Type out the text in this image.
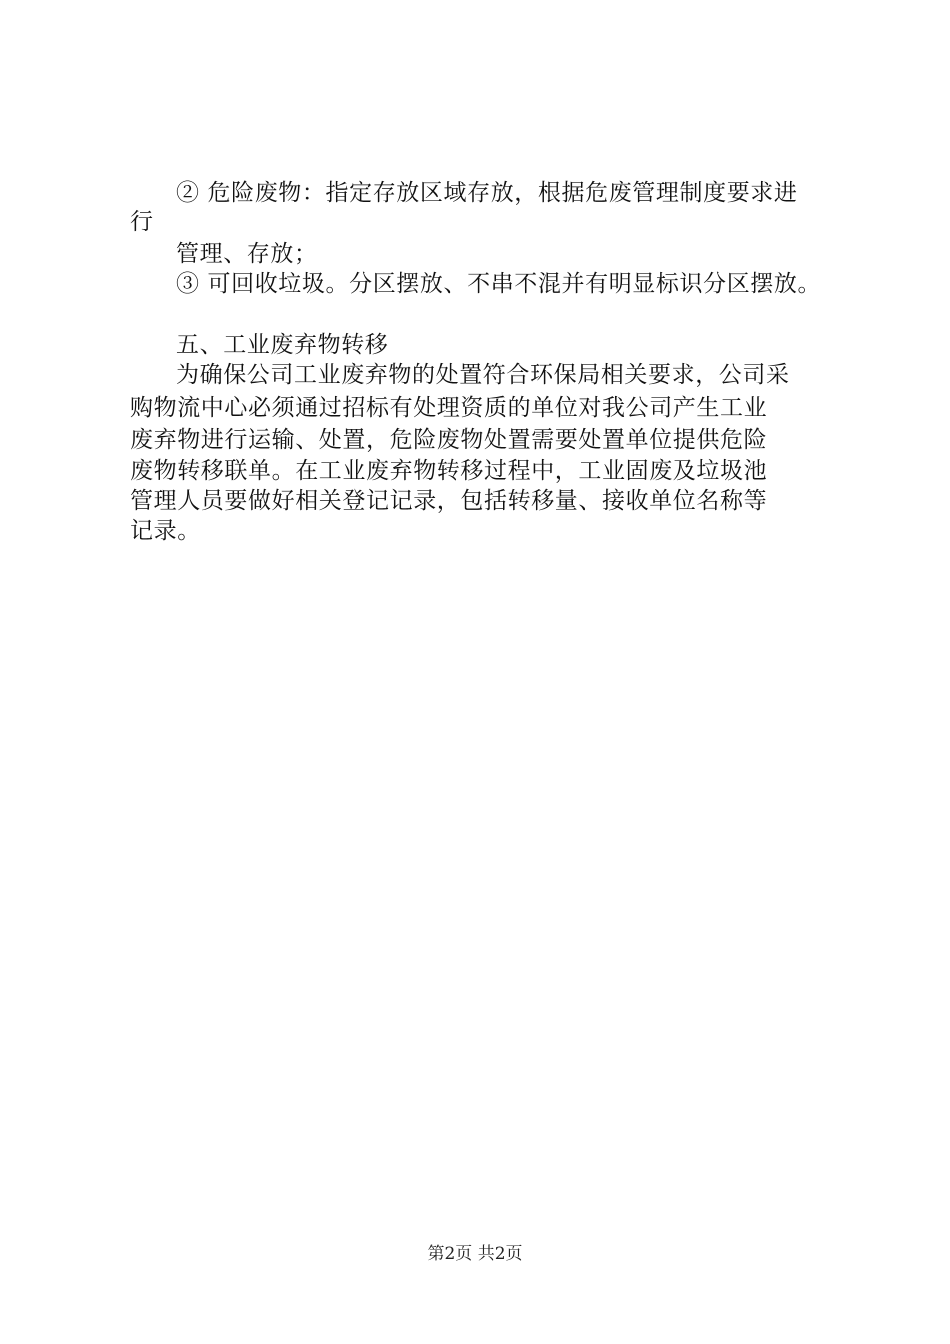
② 危险废物：指定存放区域存放，根据危废管理制度要求进
行
管理、存放；
③ 可回收垃圾。分区摆放、不串不混并有明显标识分区摆放。
五、工业废弃物转移
为确保公司工业废弃物的处置符合环保局相关要求，公司采
购物流中心必须通过招标有处理资质的单位对我公司产生工业
废弃物进行运输、处置，危险废物处置需要处置单位提供危险
废物转移联单。在工业废弃物转移过程中，工业固废及垃圾池
管理人员要做好相关登记记录，包括转移量、接收单位名称等
记录。
第2页 共2页
